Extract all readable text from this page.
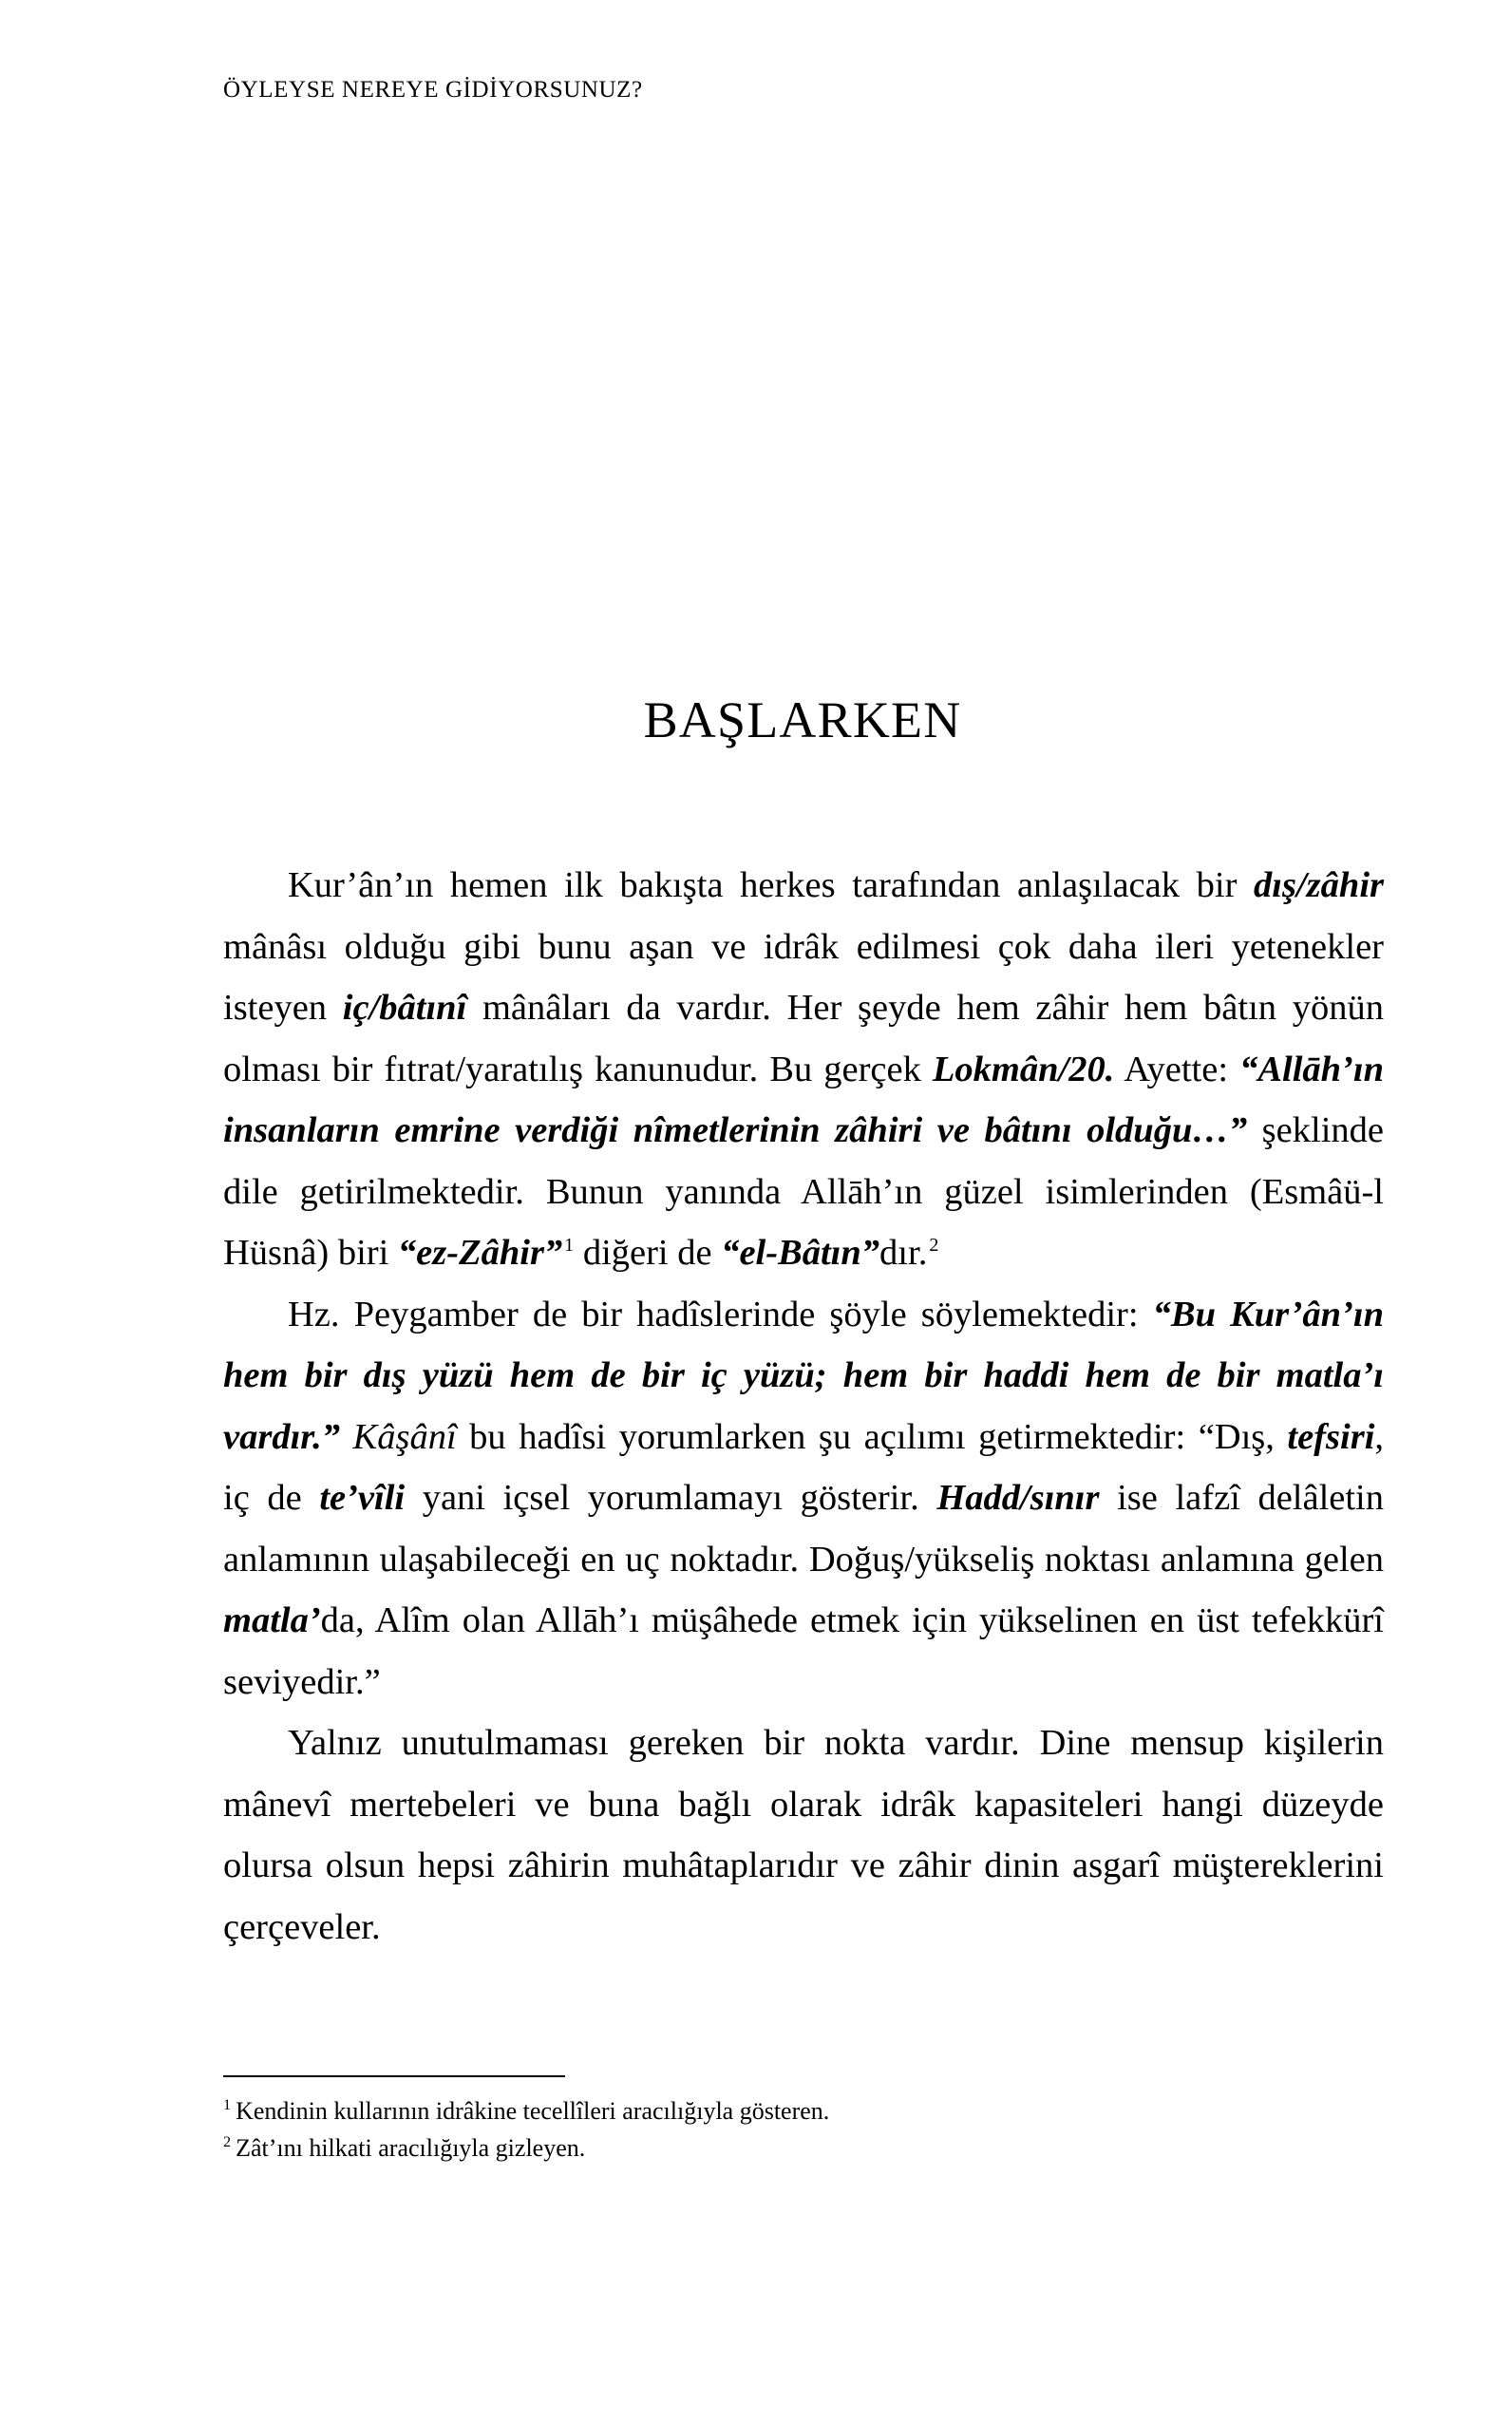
ÖYLEYSE NEREYE GİDİYORSUNUZ?
BAŞLARKEN

Kur’ân’ın hemen ilk bakışta herkes tarafından anlaşılacak bir dış/zâhir mânâsı olduğu gibi bunu aşan ve idrâk edilmesi çok daha ileri yetenekler isteyen iç/bâtınî mânâları da vardır. Her şeyde hem zâhir hem bâtın yönün olması bir fıtrat/yaratılış kanunudur. Bu gerçek Lokmân/20. Ayette: “Allāh’ın insanların emrine verdiği nîmetlerinin zâhiri ve bâtını olduğu…” şeklinde dile getirilmektedir. Bunun yanında Allāh’ın güzel isimlerinden (Esmâü-l Hüsnâ) biri “ez-Zâhir”$^1$ diğeri de “el-Bâtın”dır.$^2$

Hz. Peygamber de bir hadîslerinde şöyle söylemektedir: “Bu Kur’ân’ın hem bir dış yüzü hem de bir iç yüzü; hem bir haddi hem de bir matla’ı vardır.” Kâşânî bu hadîsi yorumlarken şu açılımı getirmektedir: “Dış, tefsiri, iç de te’vîli yani içsel yorumlamayı gösterir. Hadd/sınır ise lafzî delâletin anlamının ulaşabileceği en uç noktadır. Doğuş/yükseliş noktası anlamına gelen matla’da, Alîm olan Allāh’ı müşâhede etmek için yükselinen en üst tefekkürî seviyedir.”

Yalnız unutulmaması gereken bir nokta vardır. Dine mensup kişilerin mânevî mertebeleri ve buna bağlı olarak idrâk kapasiteleri hangi düzeyde olursa olsun hepsi zâhirin muhâtaplarıdır ve zâhir dinin asgarî müştereklerini çerçeveler.

$^1$ Kendinin kullarının idrâkine tecellîleri aracılığıyla gösteren.

$^2$ Zât’ını hilkati aracılığıyla gizleyen.
